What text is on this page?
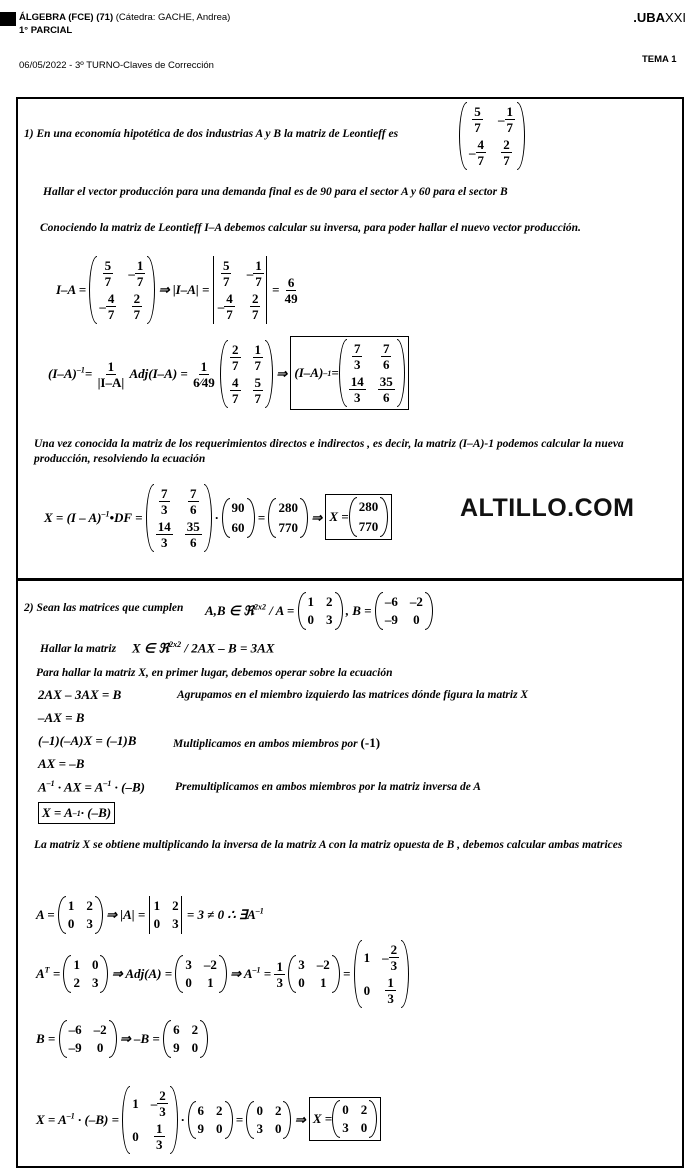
ÁLGEBRA (FCE) (71) (Cátedra: GACHE, Andrea)
1° PARCIAL
06/05/2022 - 3º TURNO-Claves de Corrección
TEMA 1
.UBAXXI
1) En una economía hipotética de dos industrias A y B la matriz de Leontieff es	$\frac{5}{7} - \frac{1}{7}$
– $\frac{4}{7} \frac{2}{7}$
Hallar el vector producción para una demanda final es de 90 para el sector A y 60 para el sector B
Conociendo la matriz de Leontieff I–A debemos calcular su inversa, para poder hallar el nuevo vector producción.
I–A =
$\frac{5}{7} - \frac{1}{7}$
– $\frac{4}{7} \frac{2}{7}$
⇒ |I–A| =
$\frac{5}{7} - \frac{1}{7}$
– $\frac{4}{7} \frac{2}{7}$
= $\frac{6}{49}$
$(I-A)^{-1}= \frac{1}{|I-A|} Adj(I-A) = \frac{1}{6⁄49}$

$\frac{2}{7} \frac{1}{7}$
$\frac{4}{7} \frac{5}{7}$
⇒ (I–A) –1 =
$\frac{7}{3} \frac{7}{6}$
$\frac{14}{3} \frac{35}{6}$
Una vez conocida la matriz de los requerimientos directos e indirectos , es decir, la matriz (I–A)-1 podemos calcular la nueva producción, resolviendo la ecuación
X = (I – A)$^{-1}$•DF =
$\frac{7}{3} \frac{7}{6}$
$\frac{14}{3} \frac{35}{6}$
·
90
60
=
280
770
⇒ X =
280
770
ALTILLO.COM
2) Sean las matrices que cumplen A,B ∈ ℜ$^{2x2}$ / A =
1 2
0 3
, B =
–6 –2
–9 0
Hallar la matriz X ∈ ℜ$^{2x2}$ / 2AX – B = 3AX
Para hallar la matriz X, en primer lugar, debemos operar sobre la ecuación
2AX – 3AX = B	Agrupamos en el miembro izquierdo las matrices dónde figura la matriz X
–AX = B
(–1)(–A)X = (–1)B	Multiplicamos en ambos miembros por (-1)
AX = –B
$A^{-1}$ · AX = $A^{-1} \cdot (-B)$	Premultiplicamos en ambos miembros por la matriz inversa de A
X = A –1 · (–B)
La matriz X se obtiene multiplicando la inversa de la matriz A con la matriz opuesta de B , debemos calcular ambas matrices
A =
1 2
0 3
⇒ |A| =
1 2
0 3
= 3 ≠ 0 ∴ $\exists A^{-1}$
$A^T$ =
1 0
2 3
⇒ Adj(A) =
3 –2
0 1
⇒ $A^{-1} = \frac{1}{3}$
3 –2
0 1
=
$1 - \frac{2}{3}$
$0 \frac{1}{3}$
B =
–6 –2
–9 0
⇒ –B =
6 2
9 0
$X = A^{-1} \cdot (-B)$ =
$1 - \frac{2}{3}$
$0 \frac{1}{3}$
·
6 2
9 0
=
0 2
3 0
⇒ X =
0 2
3 0
